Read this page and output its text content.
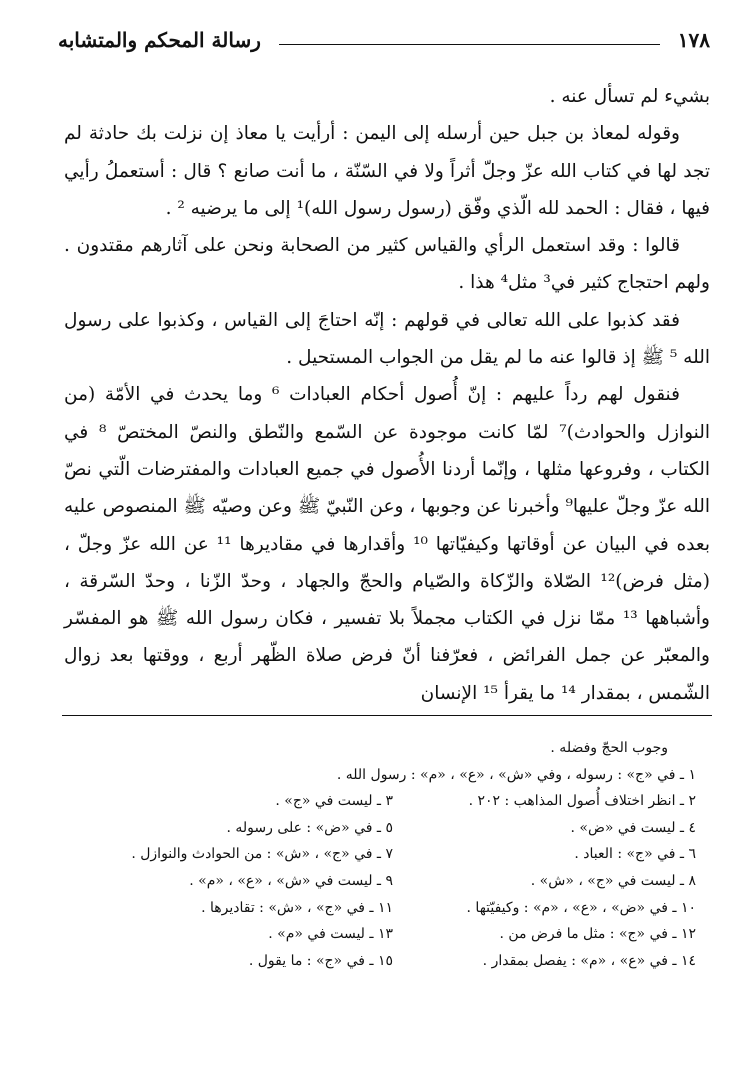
١٧٨
رسالة المحكم والمتشابه

بشيء لم تسأل عنه .

وقوله لمعاذ بن جبل حين أرسله إلى اليمن : أرأيت يا معاذ إن نزلت بك حادثة لم تجد لها في كتاب الله عزّ وجلّ أثراً ولا في السّنّة ، ما أنت صانع ؟ قال : أستعملُ رأيي فيها ، فقال : الحمد لله الّذي وفّق (رسول رسول الله)¹ إلى ما يرضيه ² .

قالوا : وقد استعمل الرأي والقياس كثير من الصحابة ونحن على آثارهم مقتدون . ولهم احتجاج كثير في³ مثل⁴ هذا .

فقد كذبوا على الله تعالى في قولهم : إنّه احتاجَ إلى القياس ، وكذبوا على رسول الله ⁵ ﷺ إذ قالوا عنه ما لم يقل من الجواب المستحيل .

فنقول لهم رداً عليهم : إنّ أُصول أحكام العبادات ⁶ وما يحدث في الأمّة (من النوازل والحوادث)⁷ لمّا كانت موجودة عن السّمع والنّطق والنصّ المختصّ ⁸ في الكتاب ، وفروعها مثلها ، وإنّما أردنا الأُصول في جميع العبادات والمفترضات الّتي نصّ الله عزّ وجلّ عليها⁹ وأخبرنا عن وجوبها ، وعن النّبيّ ﷺ وعن وصيّه ﷺ المنصوص عليه بعده في البيان عن أوقاتها وكيفيّاتها ¹⁰ وأقدارها في مقاديرها ¹¹ عن الله عزّ وجلّ ، (مثل فرض)¹² الصّلاة والزّكاة والصّيام والحجّ والجهاد ، وحدّ الزّنا ، وحدّ السّرقة ، وأشباهها ¹³ ممّا نزل في الكتاب مجملاً بلا تفسير ، فكان رسول الله ﷺ هو المفسّر والمعبّر عن جمل الفرائض ، فعرّفنا أنّ فرض صلاة الظّهر أربع ، ووقتها بعد زوال الشّمس ، بمقدار ¹⁴ ما يقرأ ¹⁵ الإنسان

وجوب الحجّ وفضله .

١ ـ في «ج» : رسوله ، وفي «ش» ، «ع» ، «م» : رسول الله .

٢ ـ انظر اختلاف أُصول المذاهب : ٢٠٢ .
٣ ـ ليست في «ج» .
٤ ـ ليست في «ض» .
٥ ـ في «ض» : على رسوله .
٦ ـ في «ج» : العباد .
٧ ـ في «ج» ، «ش» : من الحوادث والنوازل .
٨ ـ ليست في «ج» ، «ش» .
٩ ـ ليست في «ش» ، «ع» ، «م» .
١٠ ـ في «ض» ، «ع» ، «م» : وكيفيّتها .
١١ ـ في «ج» ، «ش» : تقاديرها .
١٢ ـ في «ج» : مثل ما فرض من .
١٣ ـ ليست في «م» .
١٤ ـ في «ع» ، «م» : يفصل بمقدار .
١٥ ـ في «ج» : ما يقول .
